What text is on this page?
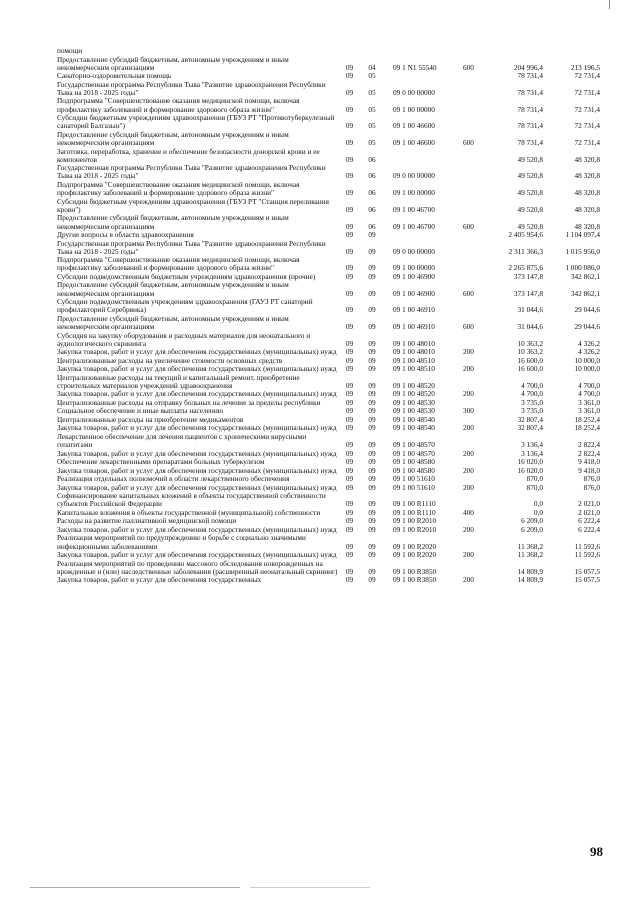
помощи						
Предоставление субсидий бюджетным, автономным учреждениям и иным некоммерческим организациям	09	04	09 1 N1 55540	600	204 996,4	213 196,5
Санаторно-оздоровительная помощь	09	05			78 731,4	72 731,4
Государственная программа Республики Тыва "Развитие здравоохранения Республики Тыва на 2018 - 2025 годы"	09	05	09 0 00 00000		78 731,4	72 731,4
Подпрограмма "Совершенствование оказания медицинской помощи, включая профилактику заболеваний и формирование здорового образа жизни"	09	05	09 1 00 00000		78 731,4	72 731,4
Субсидии бюджетным учреждениям здравоохранения (ГБУЗ РТ "Противотуберкулезный санаторий Балгазын")	09	05	09 1 00 46600		78 731,4	72 731,4
Предоставление субсидий бюджетным, автономным учреждениям и иным некоммерческим организациям	09	05	09 1 00 46600	600	78 731,4	72 731,4
Заготовка, переработка, хранение и обеспечение безопасности донорской крови и ее компонентов	09	06			49 520,8	48 320,8
Государственная программа Республики Тыва "Развитие здравоохранения Республики Тыва на 2018 - 2025 годы"	09	06	09 0 00 00000		49 520,8	48 320,8
Подпрограмма "Совершенствование оказания медицинской помощи, включая профилактику заболеваний и формирование здорового образа жизни"	09	06	09 1 00 00000		49 520,8	48 320,8
Субсидии бюджетным учреждениям здравоохранения (ГБУЗ РТ "Станция переливания крови")	09	06	09 1 00 46700		49 520,8	48 320,8
Предоставление субсидий бюджетным, автономным учреждениям и иным некоммерческим организациям	09	06	09 1 00 46700	600	49 520,8	48 320,8
Другие вопросы в области здравоохранения	09	09			2 405 954,6	1 104 097,4
Государственная программа Республики Тыва "Развитие здравоохранения Республики Тыва на 2018 - 2025 годы"	09	09	09 0 00 00000		2 311 366,3	1 015 956,0
Подпрограмма "Совершенствование оказания медицинской помощи, включая профилактику заболеваний и формирование здорового образа жизни"	09	09	09 1 00 00000		2 265 875,6	1 000 086,0
Субсидии подведомственным бюджетным учреждениям здравоохранения (прочие)	09	09	09 1 00 46900		373 147,8	342 862,1
Предоставление субсидий бюджетным, автономным учреждениям и иным некоммерческим организациям	09	09	09 1 00 46900	600	373 147,8	342 862,1
Субсидии подведомственным учреждениям здравоохранения (ГАУЗ РТ санаторий профилакторий Серебрянка)	09	09	09 1 00 46910		31 044,6	29 044,6
Предоставление субсидий бюджетным, автономным учреждениям и иным некоммерческим организациям	09	09	09 1 00 46910	600	31 044,6	29 044,6
Субсидия на закупку оборудования и расходных материалов для неонатального и аудиологического скрининга	09	09	09 1 00 48010		10 363,2	4 326,2
Закупка товаров, работ и услуг для обеспечения государственных (муниципальных) нужд	09	09	09 1 00 48010	200	10 363,2	4 326,2
Централизованные расходы на увеличение стоимости основных средств	09	09	09 1 00 48510		16 600,0	10 000,0
Закупка товаров, работ и услуг для обеспечения государственных (муниципальных) нужд	09	09	09 1 00 48510	200	16 600,0	10 000,0
Централизованные расходы на текущий и капитальный ремонт, приобретение строительных материалов учреждений здравоохранения	09	09	09 1 00 48520		4 700,0	4 700,0
Закупка товаров, работ и услуг для обеспечения государственных (муниципальных) нужд	09	09	09 1 00 48520	200	4 700,0	4 700,0
Централизованные расходы на отправку больных на лечение за пределы республики	09	09	09 1 00 48530		3 735,0	3 361,0
Социальное обеспечение и иные выплаты населению	09	09	09 1 00 48530	300	3 735,0	3 361,0
Централизованные расходы на приобретение медикаментов	09	09	09 1 00 48540		32 807,4	18 252,4
Закупка товаров, работ и услуг для обеспечения государственных (муниципальных) нужд	09	09	09 1 00 48540	200	32 807,4	18 252,4
Лекарственное обеспечение для лечения пациентов с хроническими вирусными гепатитами	09	09	09 1 00 48570		3 136,4	2 822,4
Закупка товаров, работ и услуг для обеспечения государственных (муниципальных) нужд	09	09	09 1 00 48570	200	3 136,4	2 822,4
Обеспечение лекарственными препаратами больных туберкулезом	09	09	09 1 00 48580		16 020,0	9 418,0
Закупка товаров, работ и услуг для обеспечения государственных (муниципальных) нужд	09	09	09 1 00 48580	200	16 020,0	9 418,0
Реализация отдельных полномочий в области лекарственного обеспечения	09	09	09 1 00 51610		870,0	876,0
Закупка товаров, работ и услуг для обеспечения государственных (муниципальных) нужд	09	09	09 1 00 51610	200	870,0	876,0
Софинансирование капитальных вложений в объекты государственной собственности субъектов Российской Федерации	09	09	09 1 00 R1110		0,0	2 021,0
Капитальные вложения в объекты государственной (муниципальной) собственности	09	09	09 1 00 R1110	400	0,0	2 021,0
Расходы на развитие паллиативной медицинской помощи	09	09	09 1 00 R2010		6 209,0	6 222,4
Закупка товаров, работ и услуг для обеспечения государственных (муниципальных) нужд	09	09	09 1 00 R2010	200	6 209,0	6 222,4
Реализация мероприятий по предупреждению и борьбе с социально значимыми инфекционными заболеваниями	09	09	09 1 00 R2020		11 368,2	11 592,6
Закупка товаров, работ и услуг для обеспечения государственных (муниципальных) нужд	09	09	09 1 00 R2020	200	11 368,2	11 592,6
Реализация мероприятий по проведению массового обследования новорожденных на врожденные и (или) наследственные заболевания (расширенный неонатальный скрининг)	09	09	09 1 00 R3850		14 809,9	15 057,5
Закупка товаров, работ и услуг для обеспечения государственных	09	09	09 1 00 R3850	200	14 809,9	15 057,5
98
